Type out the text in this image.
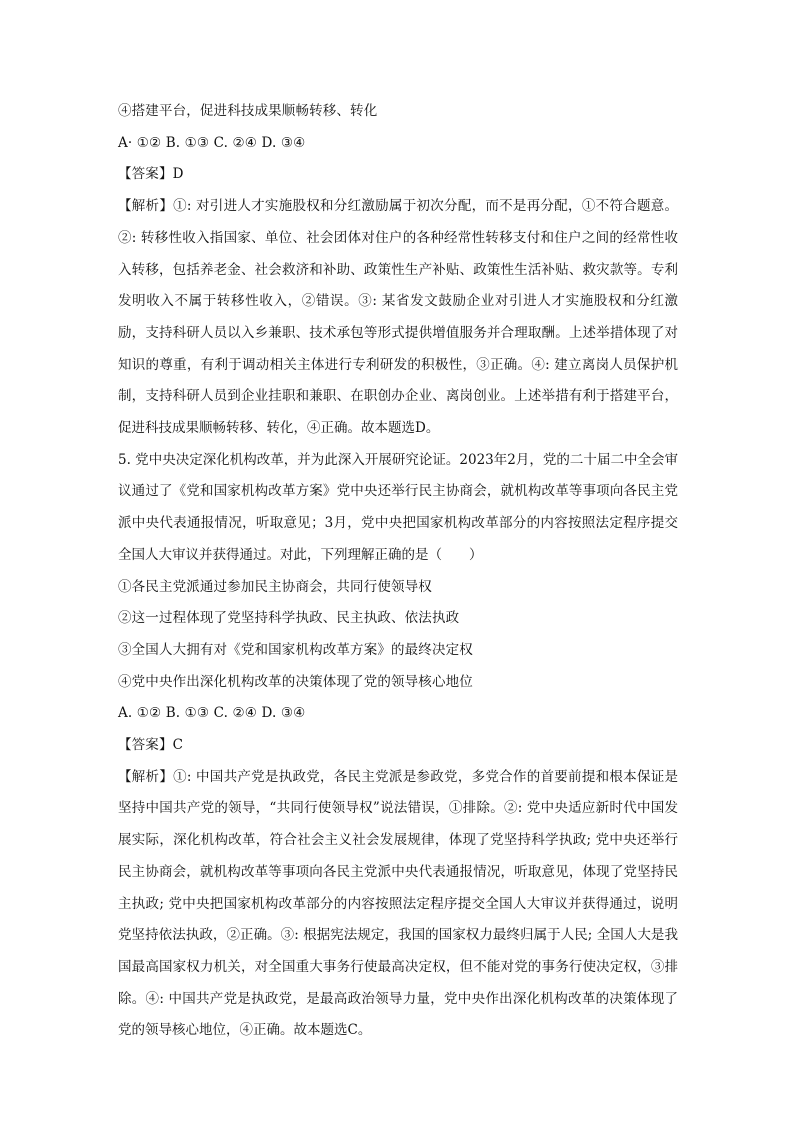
④搭建平台，促进科技成果顺畅转移、转化
A· ①② B. ①③ C. ②④ D. ③④
【答案】D

【解析】①: 对引进人才实施股权和分红激励属于初次分配，而不是再分配，①不符合题意。②: 转移性收入指国家、单位、社会团体对住户的各种经常性转移支付和住户之间的经常性收入转移，包括养老金、社会救济和补助、政策性生产补贴、政策性生活补贴、救灾款等。专利发明收入不属于转移性收入，②错误。③: 某省发文鼓励企业对引进人才实施股权和分红激励，支持科研人员以入乡兼职、技术承包等形式提供增值服务并合理取酬。上述举措体现了对知识的尊重，有利于调动相关主体进行专利研发的积极性，③正确。④: 建立离岗人员保护机制，支持科研人员到企业挂职和兼职、在职创办企业、离岗创业。上述举措有利于搭建平台，促进科技成果顺畅转移、转化，④正确。故本题选D。

5. 党中央决定深化机构改革，并为此深入开展研究论证。2023年2月，党的二十届二中全会审议通过了《党和国家机构改革方案》党中央还举行民主协商会，就机构改革等事项向各民主党派中央代表通报情况，听取意见；3月，党中央把国家机构改革部分的内容按照法定程序提交全国人大审议并获得通过。对此，下列理解正确的是（　　）

①各民主党派通过参加民主协商会，共同行使领导权
②这一过程体现了党坚持科学执政、民主执政、依法执政
③全国人大拥有对《党和国家机构改革方案》的最终决定权
④党中央作出深化机构改革的决策体现了党的领导核心地位
A. ①② B. ①③ C. ②④ D. ③④
【答案】C

【解析】①: 中国共产党是执政党，各民主党派是参政党，多党合作的首要前提和根本保证是坚持中国共产党的领导，“共同行使领导权”说法错误，①排除。②: 党中央适应新时代中国发展实际，深化机构改革，符合社会主义社会发展规律，体现了党坚持科学执政; 党中央还举行民主协商会，就机构改革等事项向各民主党派中央代表通报情况，听取意见，体现了党坚持民主执政; 党中央把国家机构改革部分的内容按照法定程序提交全国人大审议并获得通过，说明党坚持依法执政，②正确。③: 根据宪法规定，我国的国家权力最终归属于人民; 全国人大是我国最高国家权力机关，对全国重大事务行使最高决定权，但不能对党的事务行使决定权，③排除。④: 中国共产党是执政党，是最高政治领导力量，党中央作出深化机构改革的决策体现了党的领导核心地位，④正确。故本题选C。
